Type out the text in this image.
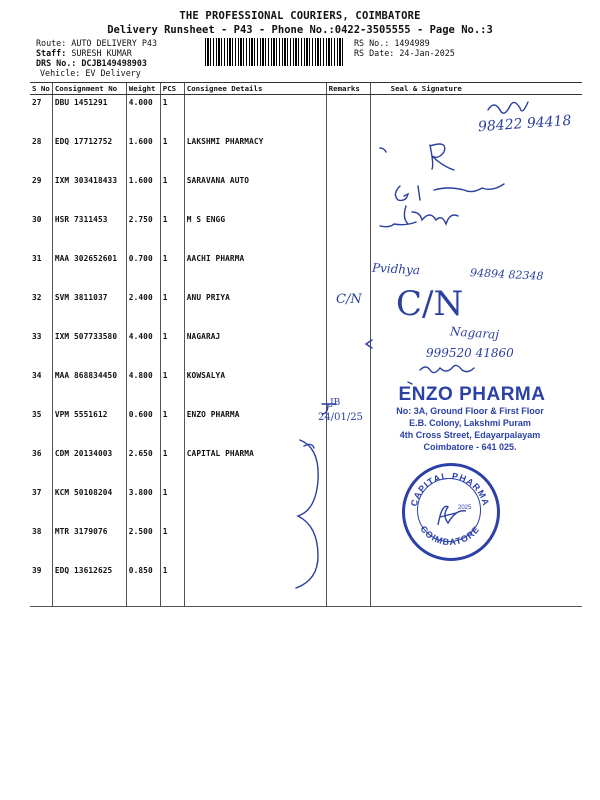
THE PROFESSIONAL COURIERS, COIMBATORE
Delivery Runsheet - P43 - Phone No.:0422-3505555 - Page No.:3
Route: AUTO DELIVERY P43
Staff: SURESH KUMAR
DRS No.: DCJB149498903
Vehicle: EV Delivery
RS No.: 1494989
RS Date: 24-Jan-2025
S No	Consignment No	Weight	PCS	Consignee Details	Remarks	Seal & Signature
27	DBU 1451291	4.000	1			
28	EDQ 17712752	1.600	1	LAKSHMI PHARMACY		
29	IXM 303418433	1.600	1	SARAVANA AUTO		
30	HSR 7311453	2.750	1	M S ENGG		
31	MAA 302652601	0.700	1	AACHI PHARMA		
32	SVM 3811037	2.400	1	ANU PRIYA		
33	IXM 507733580	4.400	1	NAGARAJ		
34	MAA 868834450	4.800	1	KOWSALYA		
35	VPM 5551612	0.600	1	ENZO PHARMA		
36	CDM 20134003	2.650	1	CAPITAL PHARMA		
37	KCM 50108204	3.800	1			
38	MTR 3179076	2.500	1			
39	EDQ 13612625	0.850	1			
98422 94418
94894 82348
Pvidhya
C/N C/N
Nagaraj
999520 41860
24/01/25
JB	ENZO PHARMA
No: 3A, Ground Floor & First Floor
E.B. Colony, Lakshmi Puram
4th Cross Street, Edayarpalayam
Coimbatore - 641 025.
CAPITAL PHARMA
COIMBATORE
2025
